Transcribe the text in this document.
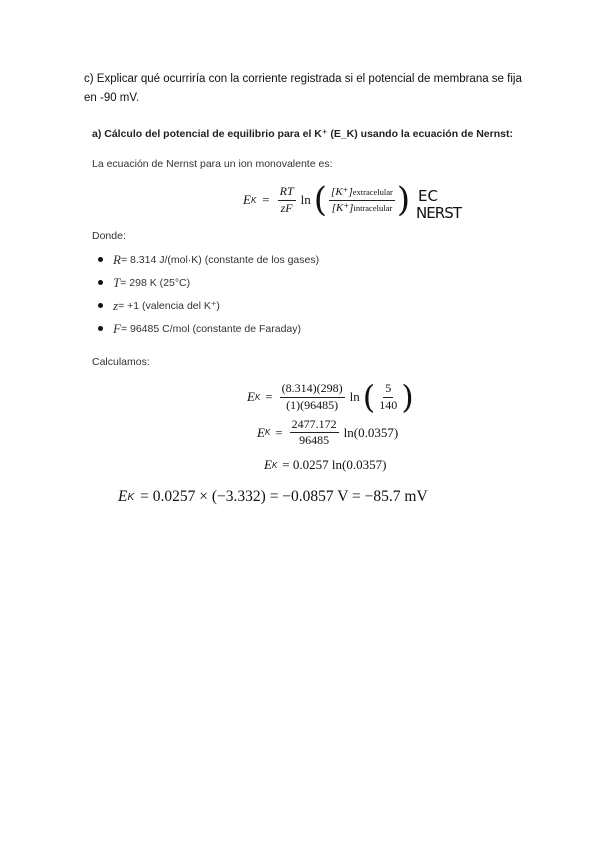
c) Explicar qué ocurriría con la corriente registrada si el potencial de membrana se fija
en -90 mV.
a) Cálculo del potencial de equilibrio para el K⁺ (E_K) usando la ecuación de Nernst:
La ecuación de Nernst para un ion monovalente es:
E $K = \frac{RT}{zF}$ ln ( $\frac{\text{[K⁺]extracelular}}{\text{[K⁺]intracelular}}$ ) EC
NERST
Donde:
R = 8.314 J/(mol·K) (constante de los gases)
T = 298 K (25°C)
z = +1 (valencia del K⁺)
F = 96485 C/mol (constante de Faraday)
Calculamos:
E $K = \frac{(8.314)(298)}{(1)(96485)}$ ln ( $\frac{5}{140}$ )
E $K = \frac{2477.172}{96485} \ln(0.0357)$
E K = 0.0257 ln(0.0357)
E K = 0.0257 × (−3.332) = −0.0857 V = −85.7 mV
